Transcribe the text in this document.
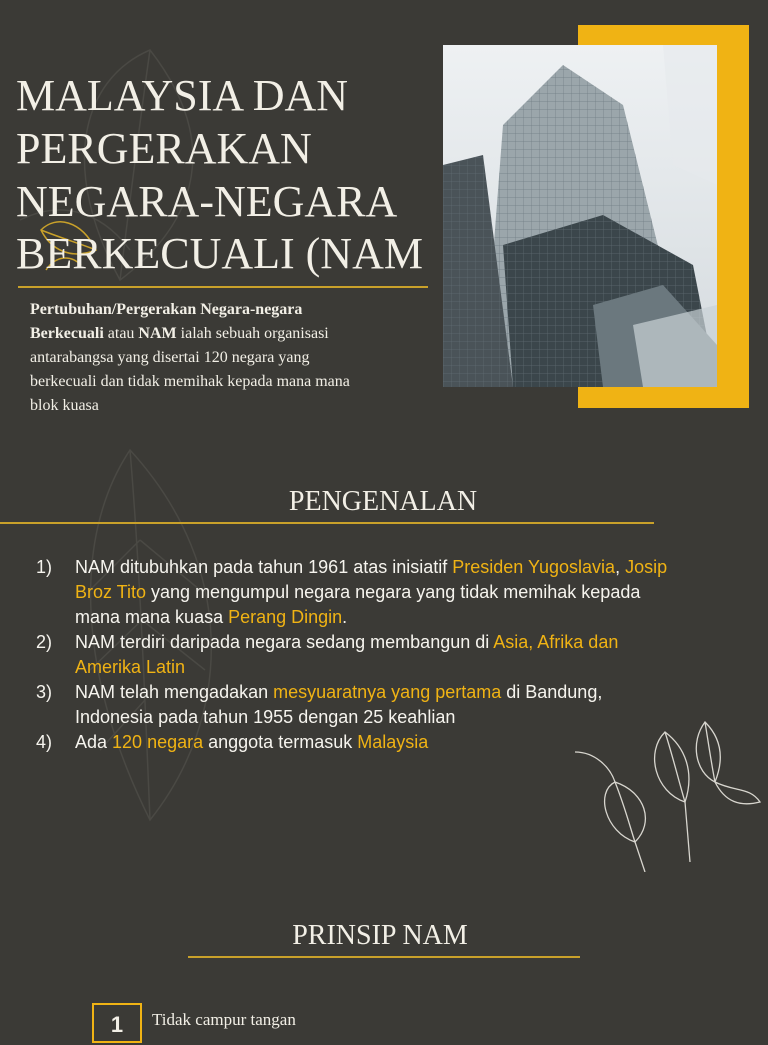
MALAYSIA DAN PERGERAKAN NEGARA-NEGARA BERKECUALI (NAM
Pertubuhan/Pergerakan Negara-negara Berkecuali atau NAM ialah sebuah organisasi antarabangsa yang disertai 120 negara yang berkecuali dan tidak memihak kepada mana mana blok kuasa
PENGENALAN
1)	NAM ditubuhkan pada tahun 1961 atas inisiatif Presiden Yugoslavia, Josip Broz Tito yang mengumpul negara negara yang tidak memihak kepada mana mana kuasa Perang Dingin.
2)	NAM terdiri daripada negara sedang membangun di Asia, Afrika dan Amerika Latin
3)	NAM telah mengadakan mesyuaratnya yang pertama di Bandung, Indonesia pada tahun 1955 dengan 25 keahlian
4)	Ada 120 negara anggota termasuk Malaysia
PRINSIP NAM
1	Tidak campur tangan
